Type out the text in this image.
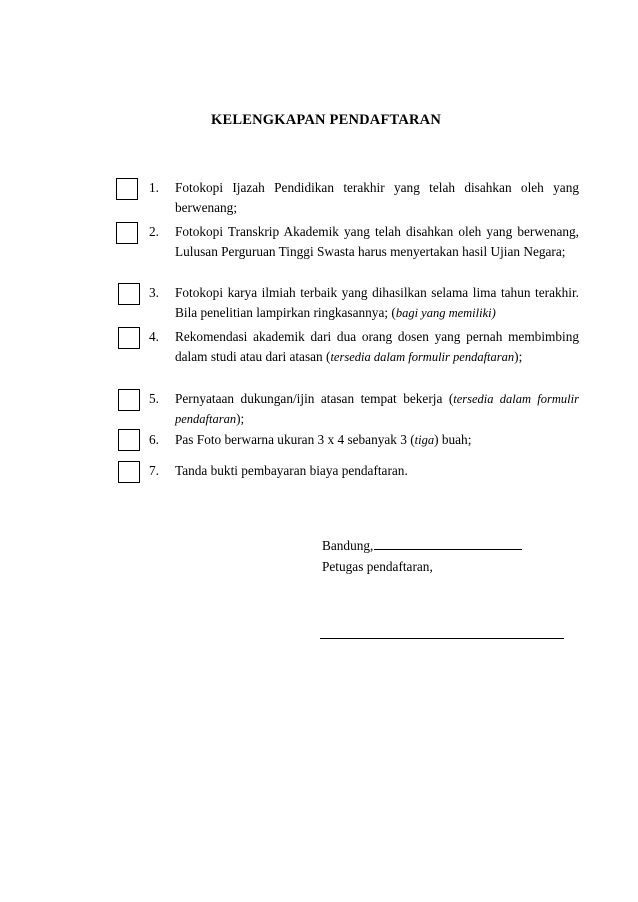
KELENGKAPAN PENDAFTARAN
1. Fotokopi Ijazah Pendidikan terakhir yang telah disahkan oleh yang berwenang;
2. Fotokopi Transkrip Akademik yang telah disahkan oleh yang berwenang, Lulusan Perguruan Tinggi Swasta harus menyertakan hasil Ujian Negara;
3. Fotokopi karya ilmiah terbaik yang dihasilkan selama lima tahun terakhir. Bila penelitian lampirkan ringkasannya; (bagi yang memiliki)
4. Rekomendasi akademik dari dua orang dosen yang pernah membimbing dalam studi atau dari atasan (tersedia dalam formulir pendaftaran);
5. Pernyataan dukungan/ijin atasan tempat bekerja (tersedia dalam formulir pendaftaran);
6. Pas Foto berwarna ukuran 3 x 4 sebanyak 3 (tiga) buah;
7. Tanda bukti pembayaran biaya pendaftaran.
Bandung,
Petugas pendaftaran,
